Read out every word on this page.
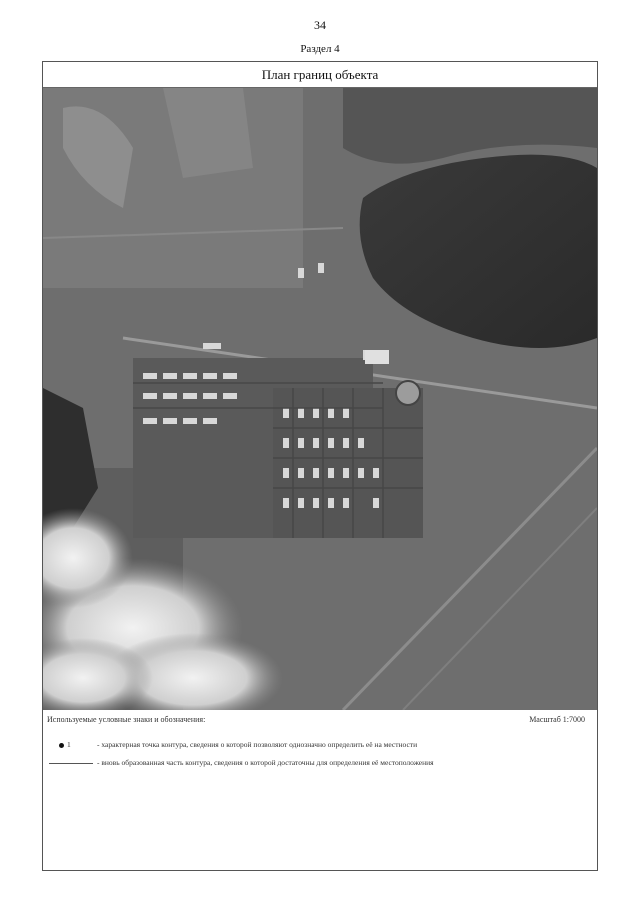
34
Раздел 4
План границ объекта
Используемые условные знаки и обозначения:	Масштаб 1:7000
1	- характерная точка контура, сведения о которой позволяют однозначно определить её на местности
- вновь образованная часть контура, сведения о которой достаточны для определения её местоположения
